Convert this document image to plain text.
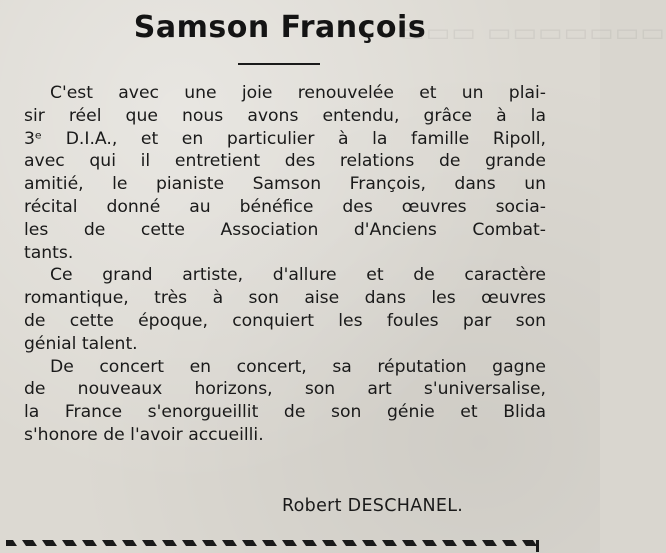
▭▭▭ ▭▭▭▭▭▭▭
Samson François
C'est avec une joie renouvelée et un plai-
sir réel que nous avons entendu, grâce à la
3ᵉ D.I.A., et en particulier à la famille Ripoll,
avec qui il entretient des relations de grande
amitié, le pianiste Samson François, dans un
récital donné au bénéfice des œuvres socia-
les de cette Association d'Anciens Combat-
tants.
Ce grand artiste, d'allure et de caractère
romantique, très à son aise dans les œuvres
de cette époque, conquiert les foules par son
génial talent.
De concert en concert, sa réputation gagne
de nouveaux horizons, son art s'universalise,
la France s'enorgueillit de son génie et Blida
s'honore de l'avoir accueilli.
Robert DESCHANEL.
